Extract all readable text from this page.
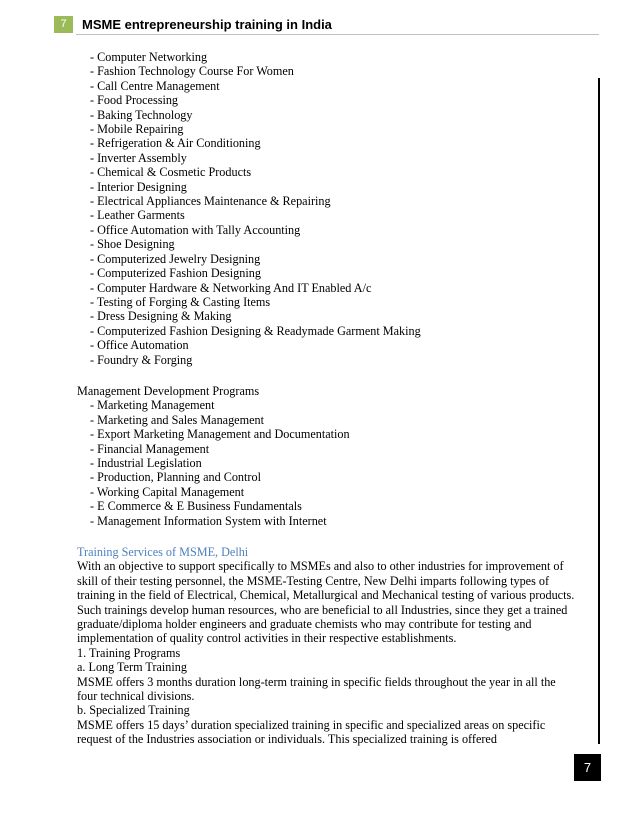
7	MSME entrepreneurship training in India
- Computer Networking
- Fashion Technology Course For Women
- Call Centre Management
- Food Processing
- Baking Technology
- Mobile Repairing
- Refrigeration & Air Conditioning
- Inverter Assembly
- Chemical & Cosmetic Products
- Interior Designing
- Electrical Appliances Maintenance & Repairing
- Leather Garments
- Office Automation with Tally Accounting
- Shoe Designing
- Computerized Jewelry Designing
- Computerized Fashion Designing
- Computer Hardware & Networking And IT Enabled A/c
- Testing of Forging & Casting Items
- Dress Designing & Making
- Computerized Fashion Designing & Readymade Garment Making
- Office Automation
- Foundry & Forging
Management Development Programs
- Marketing Management
- Marketing and Sales Management
- Export Marketing Management and Documentation
- Financial Management
- Industrial Legislation
- Production, Planning and Control
- Working Capital Management
- E Commerce & E Business Fundamentals
- Management Information System with Internet
Training Services of MSME, Delhi

With an objective to support specifically to MSMEs and also to other industries for improvement of skill of their testing personnel, the MSME-Testing Centre, New Delhi imparts following types of training in the field of Electrical, Chemical, Metallurgical and Mechanical testing of various products. Such trainings develop human resources, who are beneficial to all Industries, since they get a trained graduate/diploma holder engineers and graduate chemists who may contribute for testing and implementation of quality control activities in their respective establishments.

1. Training Programs

a. Long Term Training

MSME offers 3 months duration long-term training in specific fields throughout the year in all the four technical divisions.

b. Specialized Training

MSME offers 15 days’ duration specialized training in specific and specialized areas on specific request of the Industries association or individuals. This specialized training is offered

7
